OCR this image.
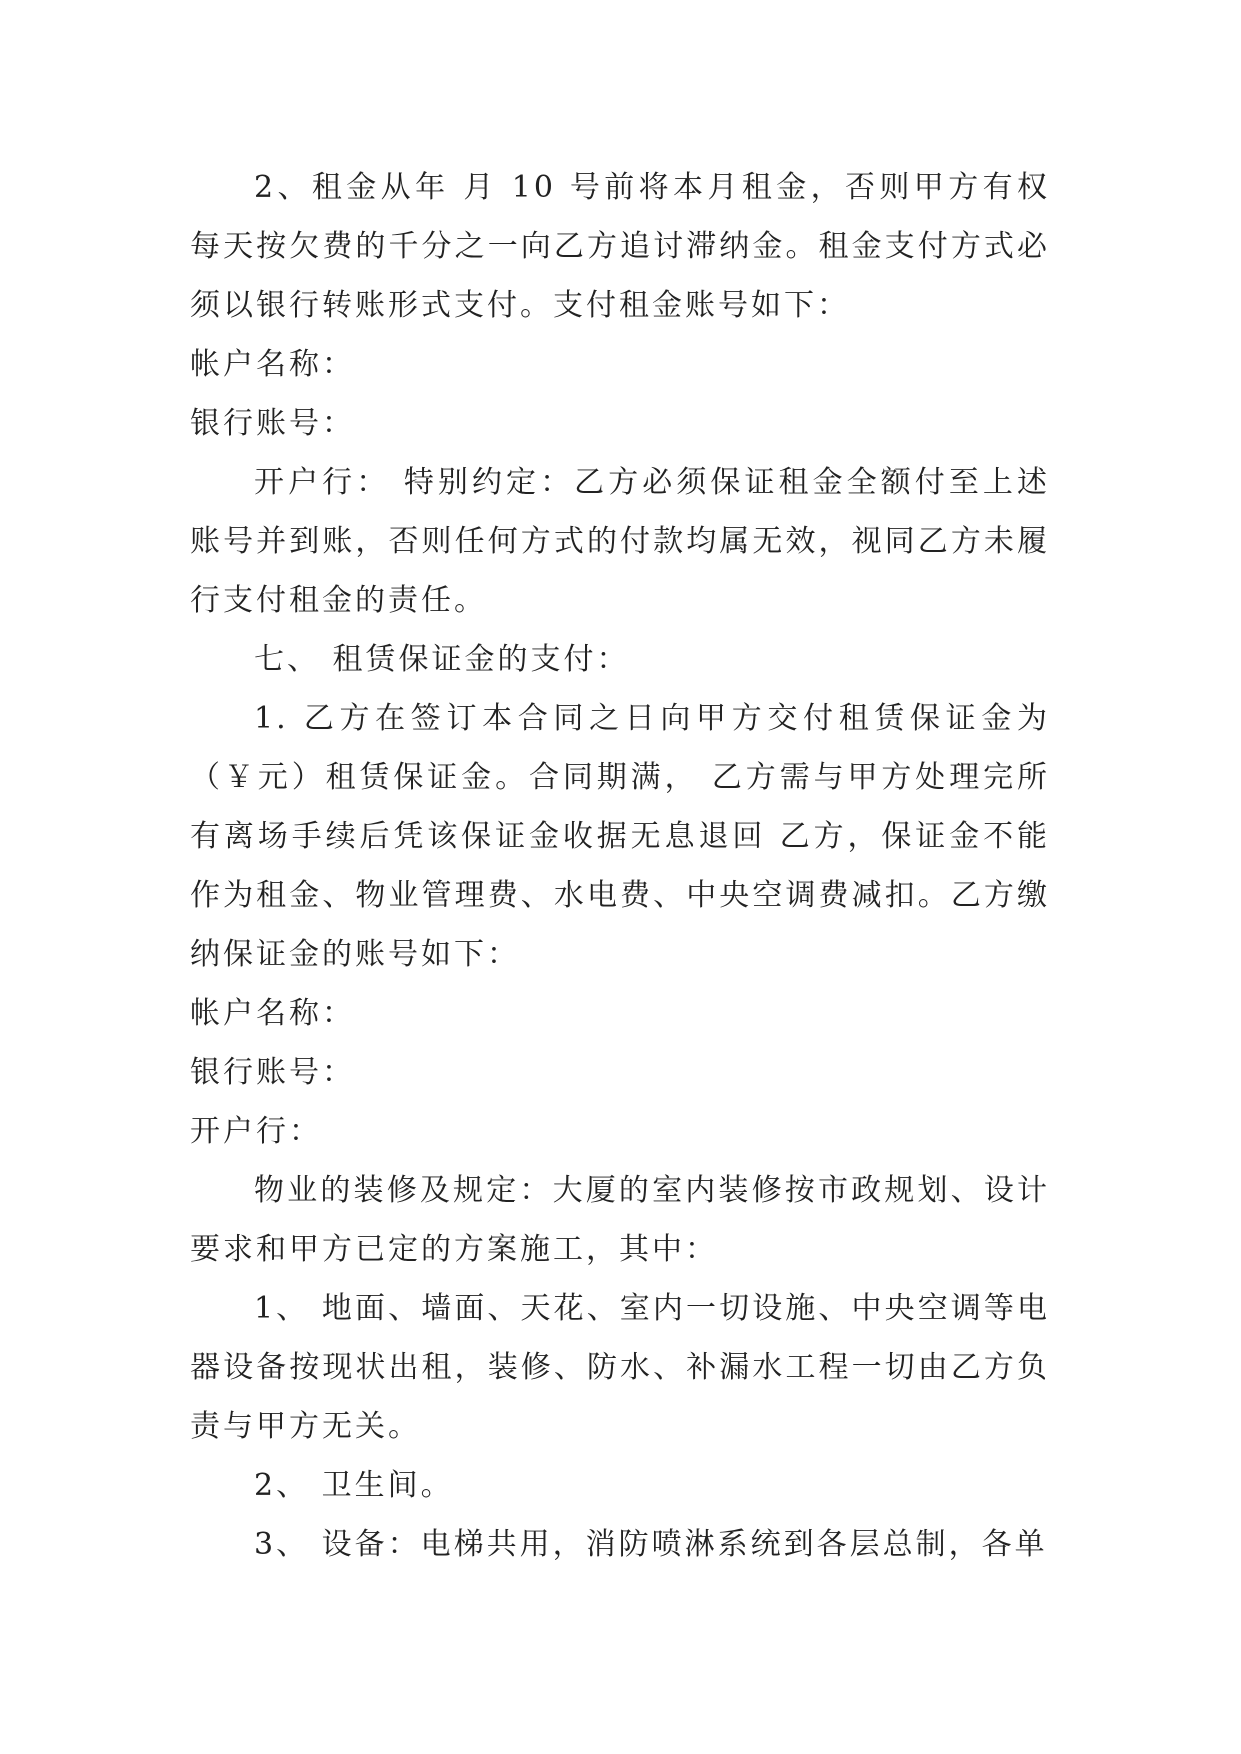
2、租金从年 月 10 号前将本月租金，否则甲方有权每天按欠费的千分之一向乙方追讨滞纳金。租金支付方式必须以银行转账形式支付。支付租金账号如下：

帐户名称：

银行账号：

开户行： 特别约定：乙方必须保证租金全额付至上述账号并到账，否则任何方式的付款均属无效，视同乙方未履行支付租金的责任。

七、 租赁保证金的支付：

1. 乙方在签订本合同之日向甲方交付租赁保证金为（￥元）租赁保证金。合同期满， 乙方需与甲方处理完所有离场手续后凭该保证金收据无息退回 乙方，保证金不能作为租金、物业管理费、水电费、中央空调费减扣。乙方缴纳保证金的账号如下：

帐户名称：

银行账号：

开户行：

物业的装修及规定：大厦的室内装修按市政规划、设计要求和甲方已定的方案施工，其中：

1、 地面、墙面、天花、室内一切设施、中央空调等电器设备按现状出租，装修、防水、补漏水工程一切由乙方负责与甲方无关。

2、 卫生间。

3、 设备：电梯共用，消防喷淋系统到各层总制，各单
